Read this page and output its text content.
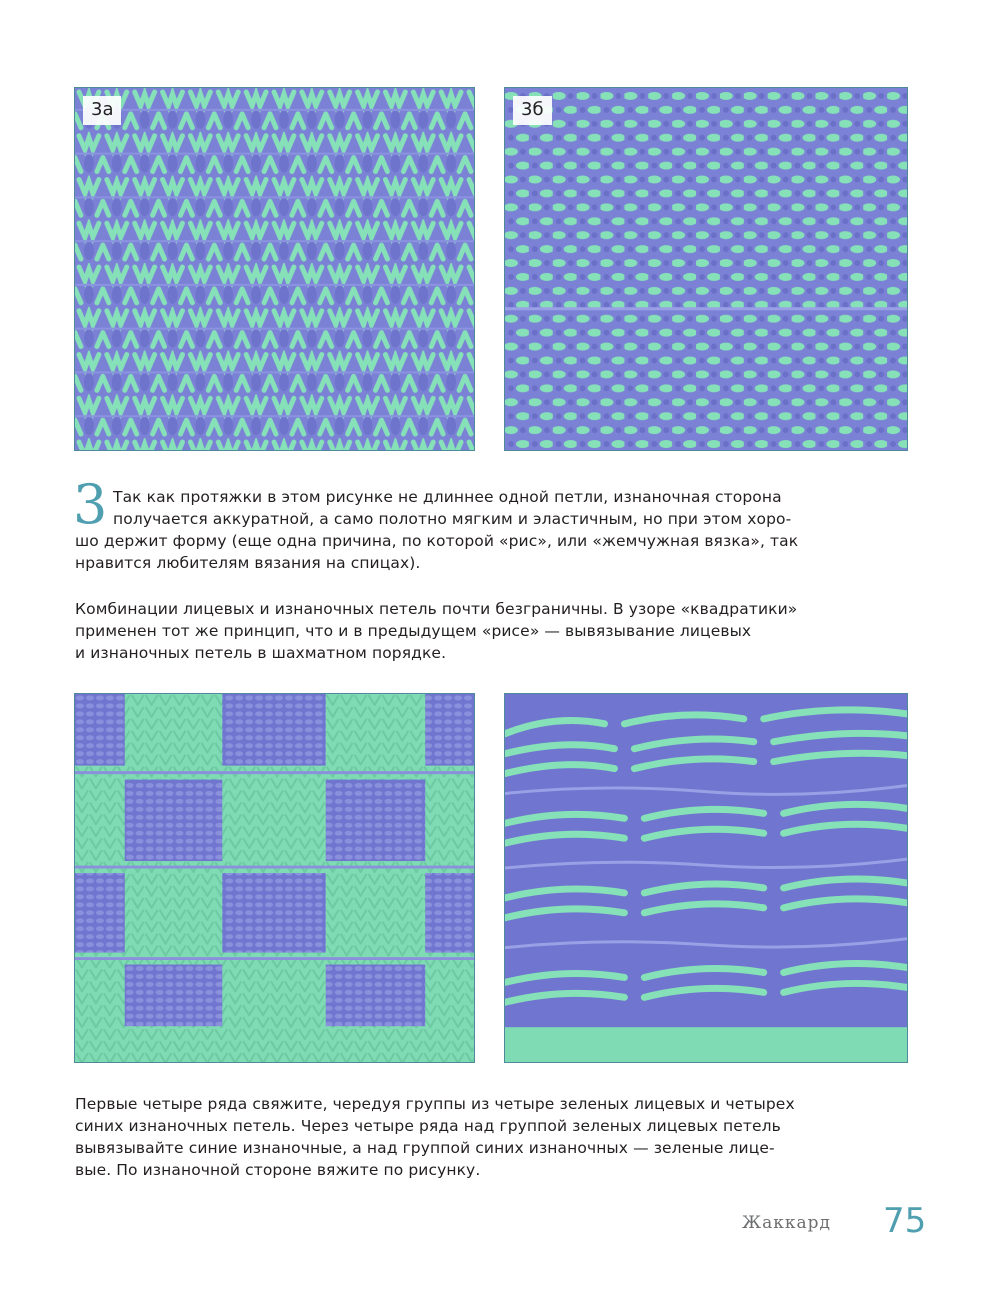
3а	3б
3 Так как протяжки в этом рисунке не длиннее одной петли, изнаночная сторона
получается аккуратной, а само полотно мягким и эластичным, но при этом хоро-
шо держит форму (еще одна причина, по которой «рис», или «жемчужная вязка», так
нравится любителям вязания на спицах).
Комбинации лицевых и изнаночных петель почти безграничны. В узоре «квадратики»
применен тот же принцип, что и в предыдущем «рисе» — вывязывание лицевых
и изнаночных петель в шахматном порядке.
Первые четыре ряда свяжите, чередуя группы из четыре зеленых лицевых и четырех
синих изнаночных петель. Через четыре ряда над группой зеленых лицевых петель
вывязывайте синие изнаночные, а над группой синих изнаночных — зеленые лице-
вые. По изнаночной стороне вяжите по рисунку.
Жаккард 75
